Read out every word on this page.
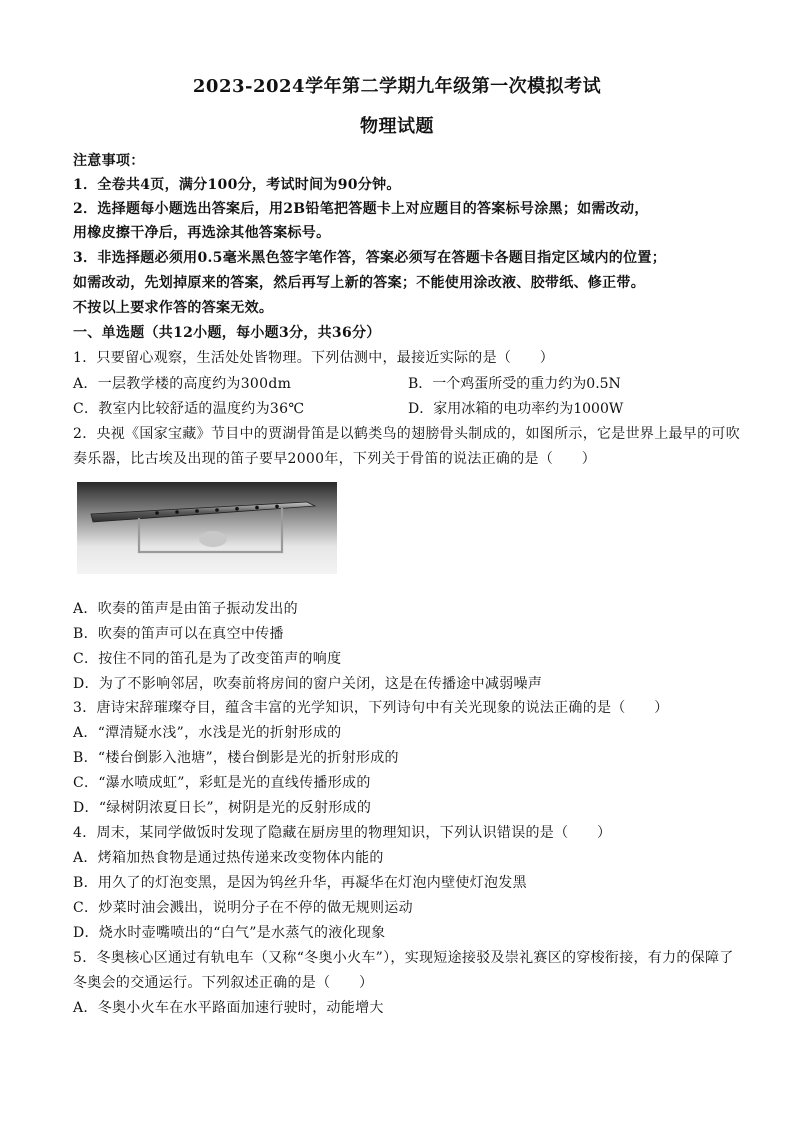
2023-2024学年第二学期九年级第一次模拟考试
物理试题
注意事项：
1．全卷共4页，满分100分，考试时间为90分钟。
2．选择题每小题选出答案后，用2B铅笔把答题卡上对应题目的答案标号涂黑；如需改动，
用橡皮擦干净后，再选涂其他答案标号。
3．非选择题必须用0.5毫米黑色签字笔作答，答案必须写在答题卡各题目指定区域内的位置；
如需改动，先划掉原来的答案，然后再写上新的答案；不能使用涂改液、胶带纸、修正带。
不按以上要求作答的答案无效。
一、单选题（共12小题，每小题3分，共36分）
1．只要留心观察，生活处处皆物理。下列估测中，最接近实际的是（　　）
A．一层教学楼的高度约为300dm	B．一个鸡蛋所受的重力约为0.5N
C．教室内比较舒适的温度约为36℃	D．家用冰箱的电功率约为1000W
2．央视《国家宝藏》节目中的贾湖骨笛是以鹤类鸟的翅膀骨头制成的，如图所示，它是世界上最早的可吹
奏乐器，比古埃及出现的笛子要早2000年，下列关于骨笛的说法正确的是（　　）
A．吹奏的笛声是由笛子振动发出的
B．吹奏的笛声可以在真空中传播
C．按住不同的笛孔是为了改变笛声的响度
D．为了不影响邻居，吹奏前将房间的窗户关闭，这是在传播途中减弱噪声
3．唐诗宋辞璀璨夺目，蕴含丰富的光学知识，下列诗句中有关光现象的说法正确的是（　　）
A．“潭清疑水浅”，水浅是光的折射形成的
B．“楼台倒影入池塘”，楼台倒影是光的折射形成的
C．“瀑水喷成虹”，彩虹是光的直线传播形成的
D．“绿树阴浓夏日长”，树阴是光的反射形成的
4．周末，某同学做饭时发现了隐藏在厨房里的物理知识，下列认识错误的是（　　）
A．烤箱加热食物是通过热传递来改变物体内能的
B．用久了的灯泡变黑，是因为钨丝升华，再凝华在灯泡内壁使灯泡发黑
C．炒菜时油会溅出，说明分子在不停的做无规则运动
D．烧水时壶嘴喷出的“白气”是水蒸气的液化现象
5．冬奥核心区通过有轨电车（又称“冬奥小火车”），实现短途接驳及崇礼赛区的穿梭衔接，有力的保障了
冬奥会的交通运行。下列叙述正确的是（　　）
A．冬奥小火车在水平路面加速行驶时，动能增大
